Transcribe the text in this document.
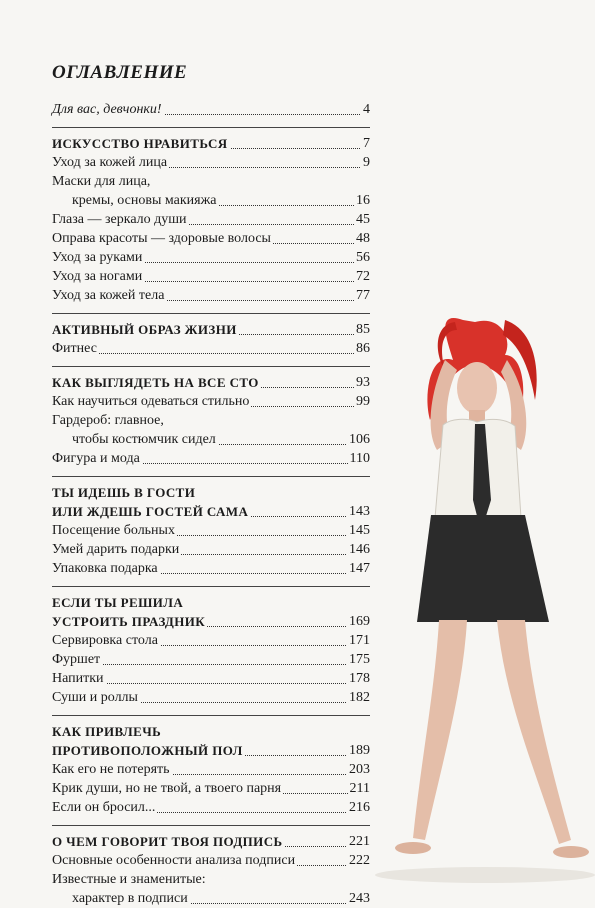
ОГЛАВЛЕНИЕ
Для вас, девчонки!	4
ИСКУССТВО НРАВИТЬСЯ	7
Уход за кожей лица	9
Маски для лица,
кремы, основы макияжа	16
Глаза — зеркало души	45
Оправа красоты — здоровые волосы	48
Уход за руками	56
Уход за ногами	72
Уход за кожей тела	77
АКТИВНЫЙ ОБРАЗ ЖИЗНИ	85
Фитнес	86
КАК ВЫГЛЯДЕТЬ НА ВСЕ СТО	93
Как научиться одеваться стильно	99
Гардероб: главное,
чтобы костюмчик сидел	106
Фигура и мода	110
ТЫ ИДЕШЬ В ГОСТИ
ИЛИ ЖДЕШЬ ГОСТЕЙ САМА	143
Посещение больных	145
Умей дарить подарки	146
Упаковка подарка	147
ЕСЛИ ТЫ РЕШИЛА
УСТРОИТЬ ПРАЗДНИК	169
Сервировка стола	171
Фуршет	175
Напитки	178
Суши и роллы	182
КАК ПРИВЛЕЧЬ
ПРОТИВОПОЛОЖНЫЙ ПОЛ	189
Как его не потерять	203
Крик души, но не твой, а твоего парня	211
Если он бросил...	216
О ЧЕМ ГОВОРИТ ТВОЯ ПОДПИСЬ	221
Основные особенности анализа подписи	222
Известные и знаменитые:
характер в подписи	243
